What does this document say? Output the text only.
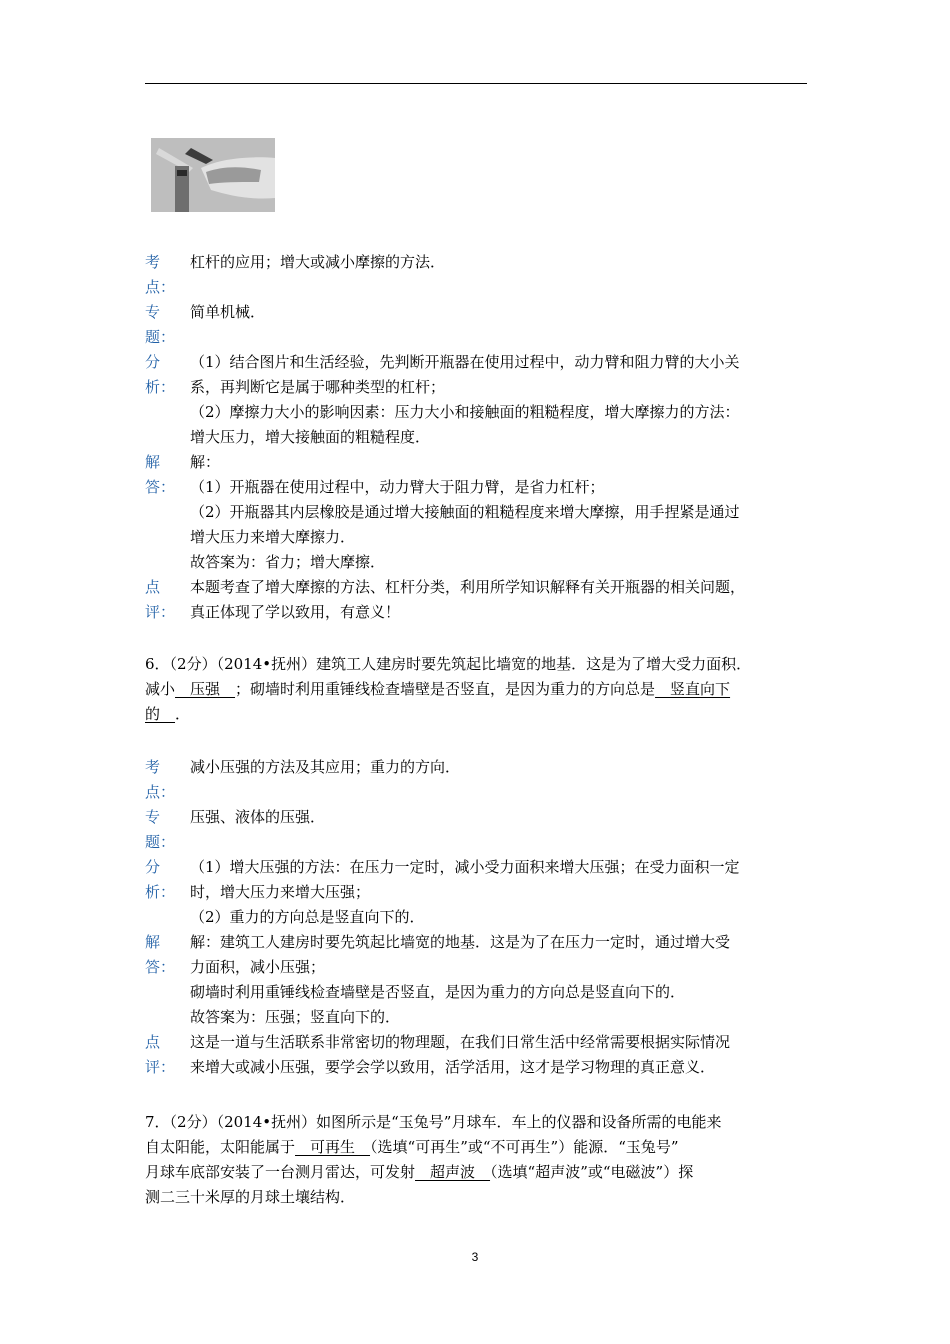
考
点：
杠杆的应用；增大或减小摩擦的方法．
专
题：
简单机械．
分
析：
（1）结合图片和生活经验，先判断开瓶器在使用过程中，动力臂和阻力臂的大小关
系，再判断它是属于哪种类型的杠杆；
（2）摩擦力大小的影响因素：压力大小和接触面的粗糙程度，增大摩擦力的方法：
增大压力，增大接触面的粗糙程度．
解
答：
解：
（1）开瓶器在使用过程中，动力臂大于阻力臂，是省力杠杆；
（2）开瓶器其内层橡胶是通过增大接触面的粗糙程度来增大摩擦，用手捏紧是通过
增大压力来增大摩擦力．
故答案为：省力；增大摩擦．
点
评：
本题考查了增大摩擦的方法、杠杆分类，利用所学知识解释有关开瓶器的相关问题，
真正体现了学以致用，有意义！
6．（2分）（2014•抚州）建筑工人建房时要先筑起比墙宽的地基．这是为了增大受力面积．
减小　压强　；砌墙时利用重锤线检查墙壁是否竖直，是因为重力的方向总是　竖直向下
的　．
考
点：
减小压强的方法及其应用；重力的方向．
专
题：
压强、液体的压强．
分
析：
（1）增大压强的方法：在压力一定时，减小受力面积来增大压强；在受力面积一定
时，增大压力来增大压强；
（2）重力的方向总是竖直向下的．
解
答：
解：建筑工人建房时要先筑起比墙宽的地基．这是为了在压力一定时，通过增大受
力面积，减小压强；
砌墙时利用重锤线检查墙壁是否竖直，是因为重力的方向总是竖直向下的．
故答案为：压强；竖直向下的．
点
评：
这是一道与生活联系非常密切的物理题，在我们日常生活中经常需要根据实际情况
来增大或减小压强，要学会学以致用，活学活用，这才是学习物理的真正意义．
7．（2分）（2014•抚州）如图所示是“玉兔号”月球车．车上的仪器和设备所需的电能来
自太阳能，太阳能属于　可再生　（选填“可再生”或“不可再生”）能源．“玉兔号”
月球车底部安装了一台测月雷达，可发射　超声波　（选填“超声波”或“电磁波”）探
测二三十米厚的月球土壤结构．
3
